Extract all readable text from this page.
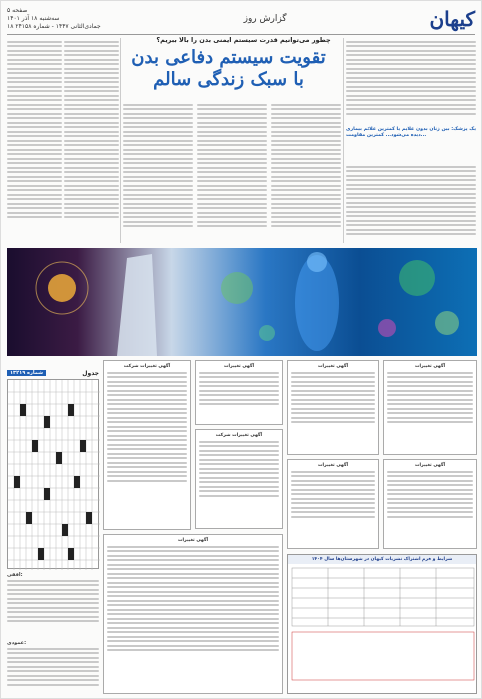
صفحه ۵
سه‌شنبه ۱۸ آذر ۱۴۰۱
۱۸ جمادی‌الثانی ۱۴۴۷ - شماره ۲۴۱۵۸
گزارش روز	کیهان
چطور می‌توانیم قدرت سیستم ایمنی بدن را بالا ببریم؟
تقویت سیستم دفاعی بدن
با سبک زندگی سالم
یک پزشک: بین زنان بدون علایم یا کمترین علائم بیماری دیده می‌شود... کمترین مقاومت...
شماره ۱۳۲۱۹	جدول
افقی:
عمودی:
آگهی تغییرات شرکت	آگهی تغییرات
آگهی تغییرات شرکت
آگهی تغییرات	آگهی تغییرات
آگهی تغییرات	آگهی تغییرات
آگهی تغییرات
شرایط و فرم اشتراک نشریات کیهان در شهرستان‌ها سال ۱۴۰۴
